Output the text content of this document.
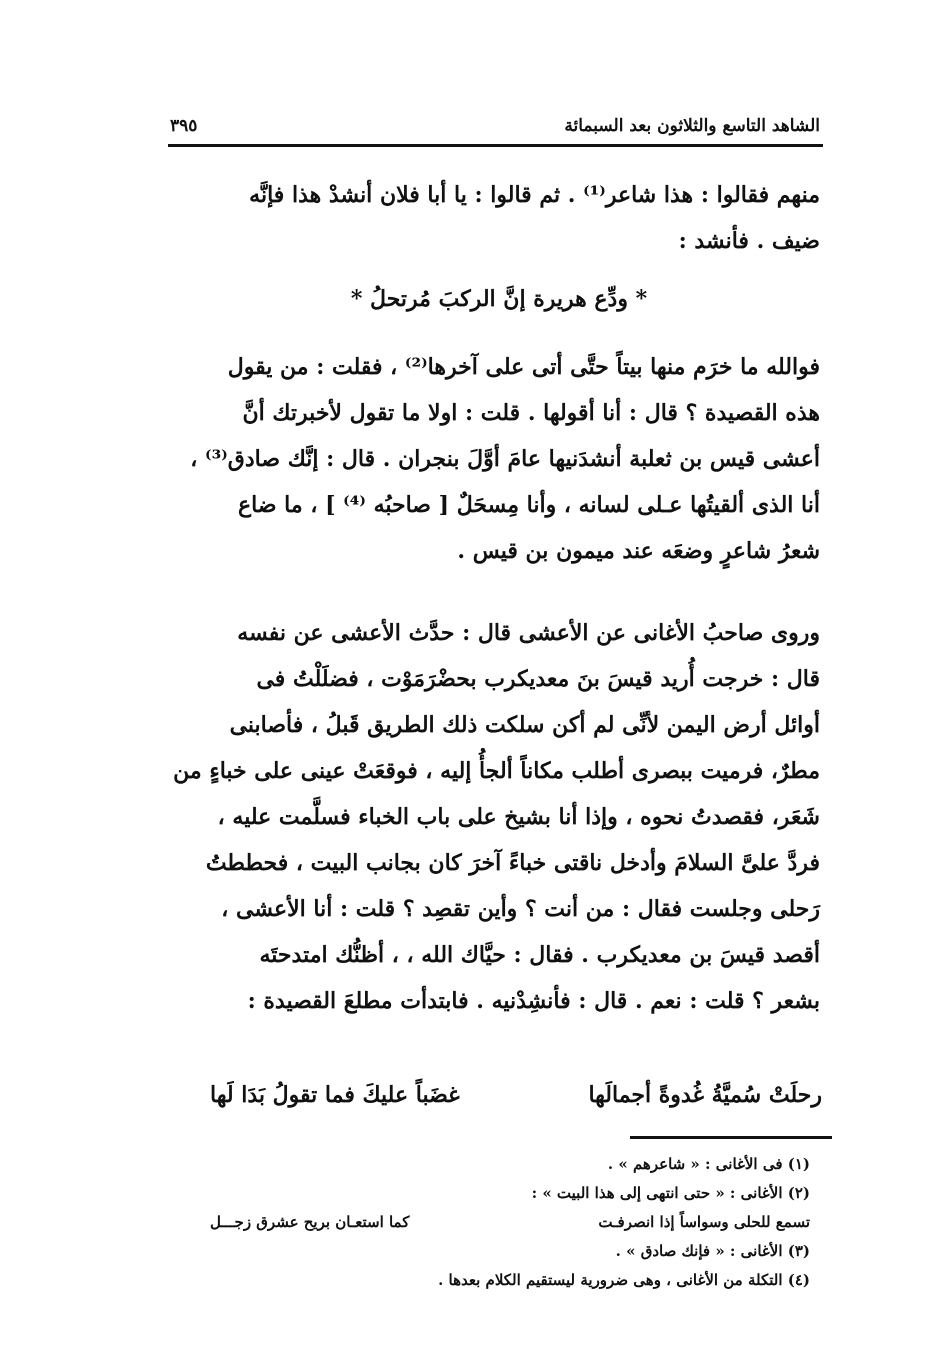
الشاهد التاسع والثلاثون بعد السبمائة
٣٩٥
منهم فقالوا : هذا شاعر⁽¹⁾ . ثم قالوا : يا أبا فلان أنشدْ هذا فإنَّه
ضيف . فأنشد :
* ودِّع هريرة إنَّ الركبَ مُرتحلُ *
فوالله ما خرَم منها بيتاً حتَّى أتى على آخرها⁽²⁾ ، فقلت : من يقول
هذه القصيدة ؟ قال : أنا أقولها . قلت : اولا ما تقول لأخبرتك أنَّ
أعشى قيس بن ثعلبة أنشدَنيها عامَ أوَّلَ بنجران . قال : إنَّك صادق⁽³⁾ ،
أنا الذى ألقيتُها عـلى لسانه ، وأنا مِسحَلٌ [ صاحبُه ⁽⁴⁾ ] ، ما ضاع
شعرُ شاعرٍ وضعَه عند ميمون بن قيس .
وروى صاحبُ الأغانى عن الأعشى قال : حدَّث الأعشى عن نفسه
قال : خرجت أُريد قيسَ بنَ معديكرب بحضْرَمَوْت ، فضلَلْتُ فى
أوائل أرض اليمن لأنِّى لم أكن سلكت ذلك الطريق قَبلُ ، فأصابنى
مطرٌ، فرميت ببصرى أطلب مكاناً ألجأُ إليه ، فوقعَتْ عينى على خباءٍ من
شَعَر، فقصدتُ نحوه ، وإذا أنا بشيخ على باب الخباء فسلَّمت عليه ،
فردَّ علىَّ السلامَ وأدخل ناقتى خباءً آخرَ كان بجانب البيت ، فحططتُ
رَحلى وجلست فقال : من أنت ؟ وأين تقصِد ؟ قلت : أنا الأعشى ،
أقصد قيسَ بن معديكرب . فقال : حيَّاك الله ، ، أظنُّك امتدحتَه
بشعر ؟ قلت : نعم . قال : فأنشِدْنيه . فابتدأت مطلعَ القصيدة :
رحلَتْ سُميَّةُ غُدوةً أجمالَها
غضَباً عليكَ فما تقولُ بَدَا لَها
(١) فى الأغانى : « شاعرهم » .
(٢) الأغانى : « حتى انتهى إلى هذا البيت » :
تسمع للحلى وسواساً إذا انصرفـت
كما استعـان بريح عشرق زجـــل
(٣) الأغانى : « فإنك صادق » .
(٤) التكلة من الأغانى ، وهى ضرورية ليستقيم الكلام بعدها .
